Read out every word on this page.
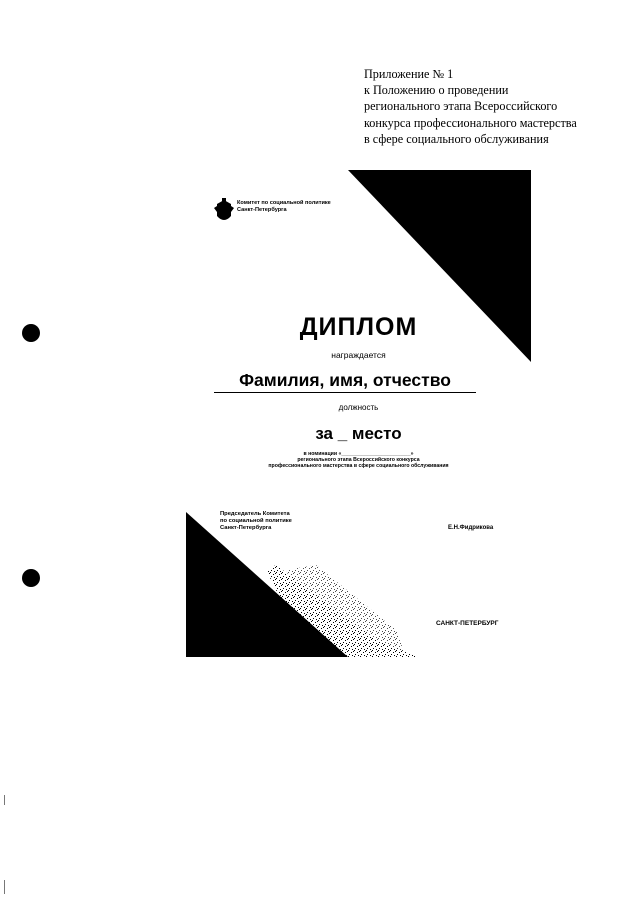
Приложение № 1
к Положению о проведении
регионального этапа Всероссийского
конкурса профессионального мастерства
в сфере социального обслуживания
Комитет по социальной политике
Санкт-Петербурга
ДИПЛОМ
награждается
Фамилия, имя, отчество
должность
за _ место
в номинации «________________________»
регионального этапа Всероссийского конкурса
профессионального мастерства в сфере социального обслуживания
Председатель Комитета
по социальной политике
Санкт-Петербурга	Е.Н.Фидрикова
САНКТ-ПЕТЕРБУРГ
